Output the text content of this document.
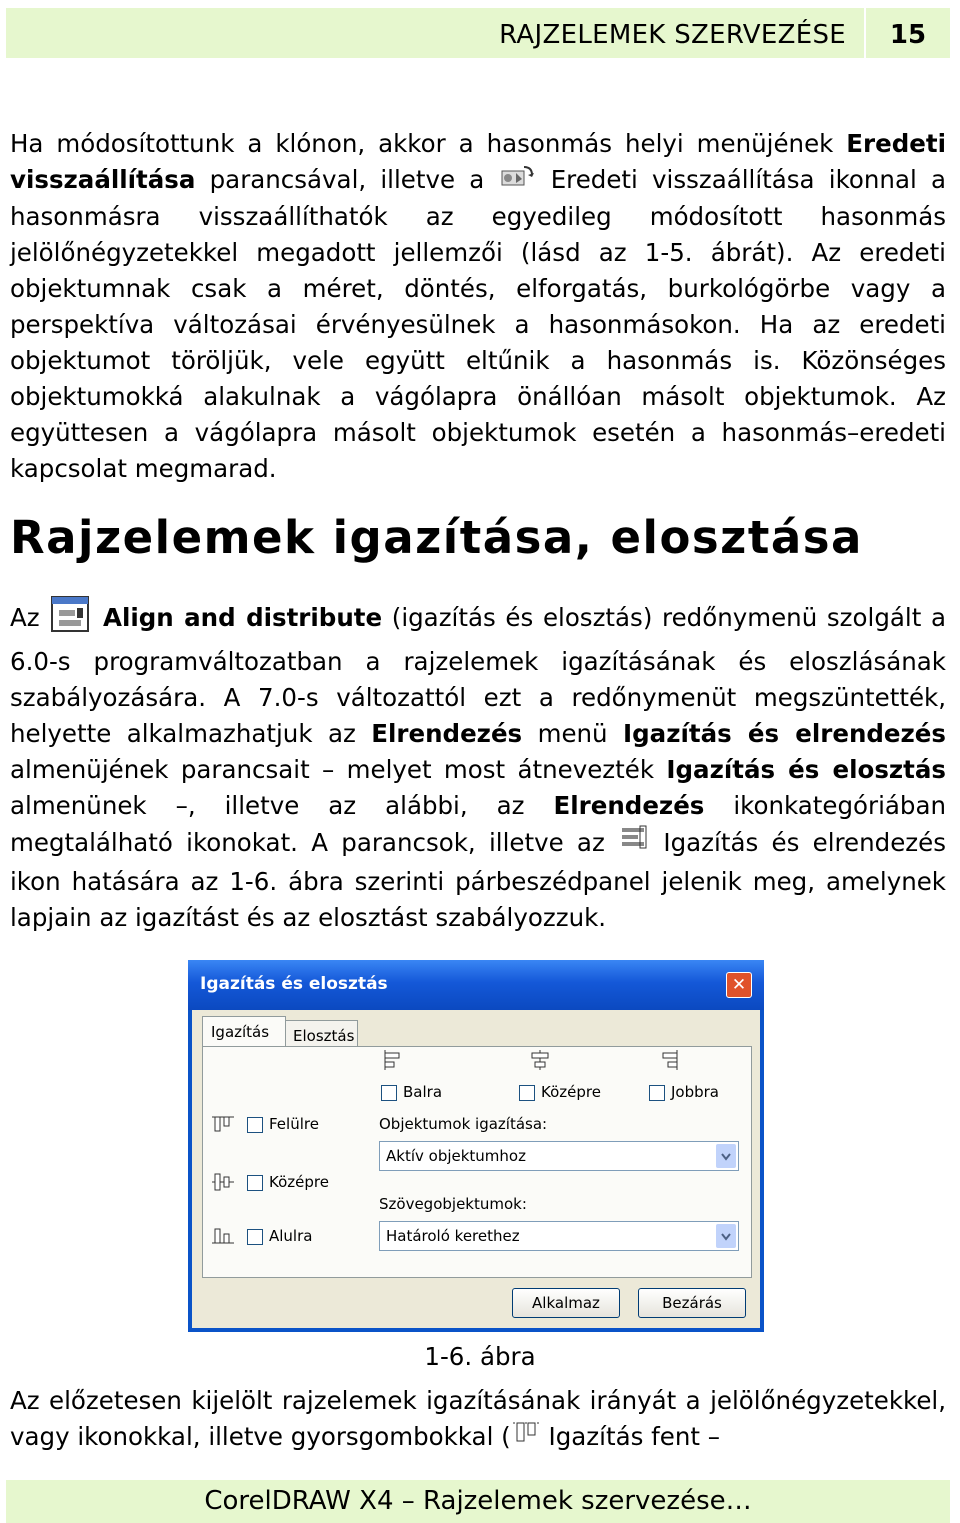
RAJZELEMEK SZERVEZÉSE	15
Ha módosítottunk a klónon, akkor a hasonmás helyi menüjének Eredeti visszaállítása parancsával, illetve a  Eredeti visszaállítása ikonnal a hasonmásra visszaállíthatók az egyedileg módosított hasonmás jelölőnégyzetekkel megadott jellemzői (lásd az 1-5. ábrát). Az eredeti objektumnak csak a méret, döntés, elforgatás, burkológörbe vagy a perspektíva változásai érvényesülnek a hasonmásokon. Ha az eredeti objektumot töröljük, vele együtt eltűnik a hasonmás is. Közönséges objektumokká alakulnak a vágólapra önállóan másolt objektumok. Az együttesen a vágólapra másolt objektumok esetén a hasonmás–eredeti kapcsolat megmarad.
Rajzelemek igazítása, elosztása
Az  Align and distribute (igazítás és elosztás) redőnymenü szolgált a 6.0-s programváltozatban a rajzelemek igazításának és eloszlásának szabályozására. A 7.0-s változattól ezt a redőnymenüt megszüntették, helyette alkalmazhatjuk az Elrendezés menü Igazítás és elrendezés almenüjének parancsait – melyet most átnevezték Igazítás és elosztás almenünek –, illetve az alábbi, az Elrendezés ikonkategóriában megtalálható ikonokat. A parancsok, illetve az  Igazítás és elrendezés ikon hatására az 1-6. ábra szerinti párbeszédpanel jelenik meg, amelynek lapjain az igazítást és az elosztást szabályozzuk.
Igazítás és elosztás	✕
Elosztás
Igazítás
Balra	Középre	Jobbra
Felülre
Középre
Alulra
Objektumok igazítása:
Aktív objektumhoz
Szövegobjektumok:
Határoló kerethez
Alkalmaz	Bezárás
1-6. ábra
Az előzetesen kijelölt rajzelemek igazításának irányát a jelölőnégyzetekkel, vagy ikonokkal, illetve gyorsgombokkal ( Igazítás fent –
CorelDRAW X4 – Rajzelemek szervezése…
